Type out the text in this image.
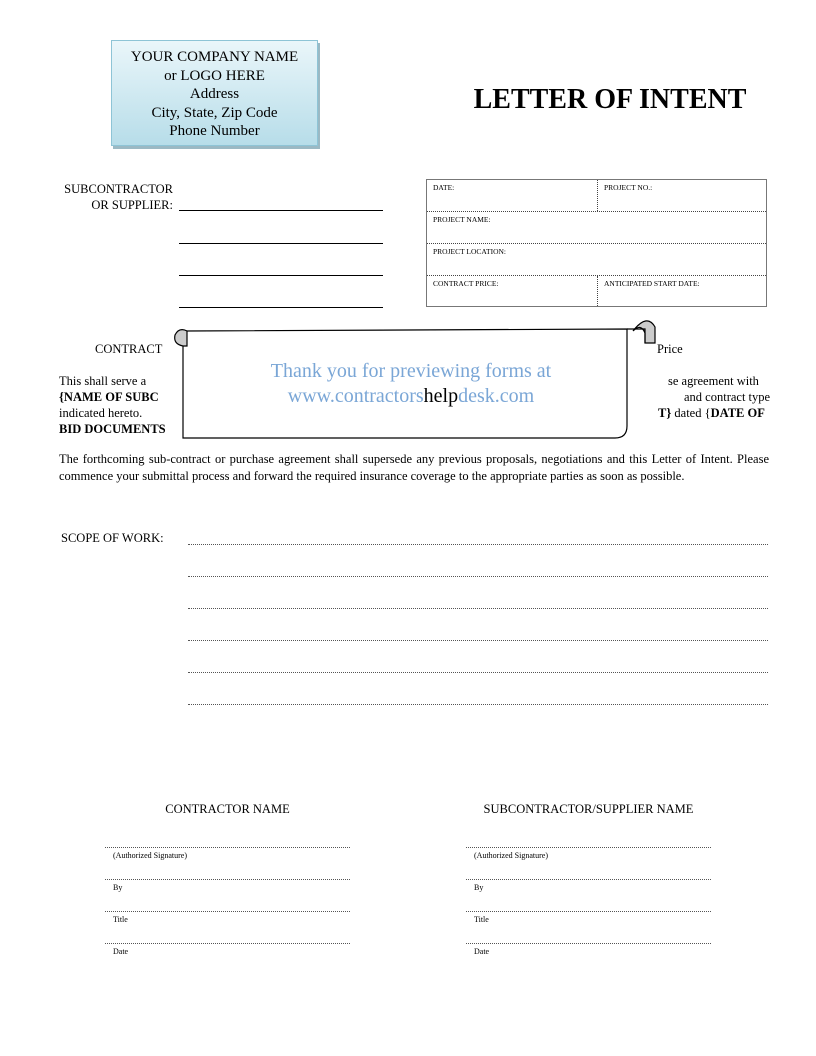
YOUR COMPANY NAME
or LOGO HERE
Address
City, State, Zip Code
Phone Number
LETTER OF INTENT
SUBCONTRACTOR
OR SUPPLIER:
DATE:	PROJECT NO.:
PROJECT NAME:
PROJECT LOCATION:
CONTRACT PRICE:	ANTICIPATED START DATE:
CONTRACT	Price
This shall serve a	se agreement with
{NAME OF SUBC	and contract type
indicated hereto.	T} dated {DATE OF
BID DOCUMENTS
The forthcoming sub-contract or purchase agreement shall supersede any previous proposals, negotiations and this Letter of Intent. Please commence your submittal process and forward the required insurance coverage to the appropriate parties as soon as possible.
Thank you for previewing forms at
www.contractorshelpdesk.com
SCOPE OF WORK:
CONTRACTOR NAME	SUBCONTRACTOR/SUPPLIER NAME
(Authorized Signature)
By
Title
Date
(Authorized Signature)
By
Title
Date
